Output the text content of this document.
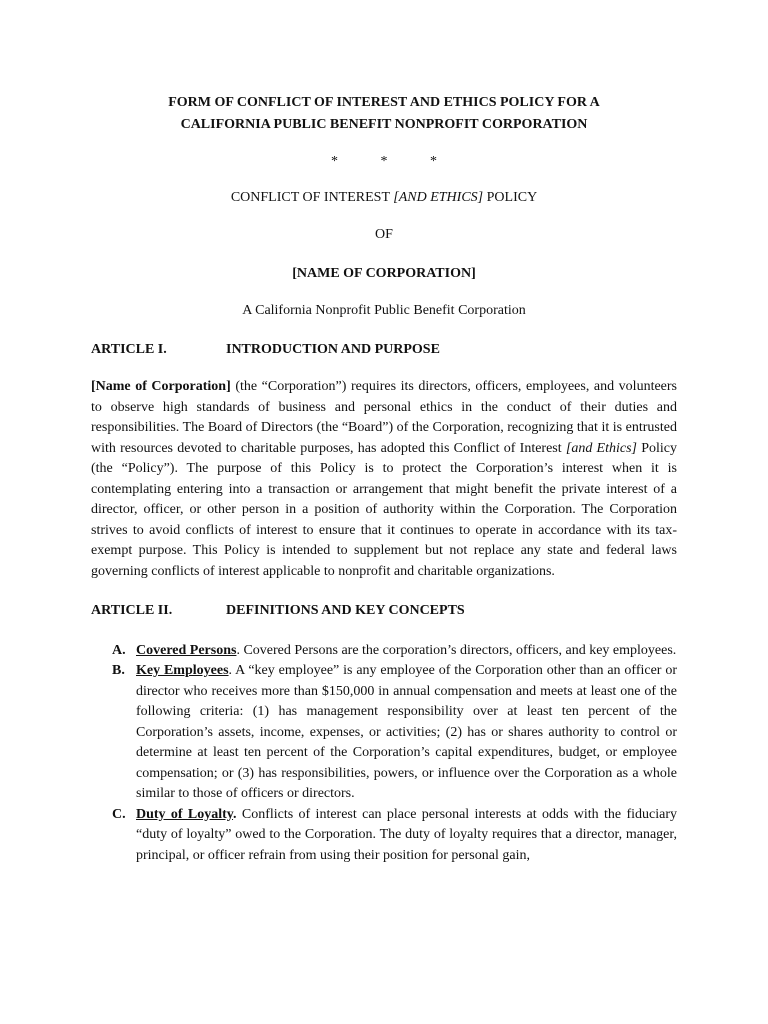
FORM OF CONFLICT OF INTEREST AND ETHICS POLICY FOR A
CALIFORNIA PUBLIC BENEFIT NONPROFIT CORPORATION

*	*	*
CONFLICT OF INTEREST [AND ETHICS] POLICY
OF
[NAME OF CORPORATION]
A California Nonprofit Public Benefit Corporation
ARTICLE I.	INTRODUCTION AND PURPOSE

[Name of Corporation] (the “Corporation”) requires its directors, officers, employees, and volunteers to observe high standards of business and personal ethics in the conduct of their duties and responsibilities. The Board of Directors (the “Board”) of the Corporation, recognizing that it is entrusted with resources devoted to charitable purposes, has adopted this Conflict of Interest [and Ethics] Policy (the “Policy”). The purpose of this Policy is to protect the Corporation’s interest when it is contemplating entering into a transaction or arrangement that might benefit the private interest of a director, officer, or other person in a position of authority within the Corporation. The Corporation strives to avoid conflicts of interest to ensure that it continues to operate in accordance with its tax-exempt purpose. This Policy is intended to supplement but not replace any state and federal laws governing conflicts of interest applicable to nonprofit and charitable organizations.

ARTICLE II.	DEFINITIONS AND KEY CONCEPTS
A. Covered Persons. Covered Persons are the corporation’s directors, officers, and key employees.
B. Key Employees. A “key employee” is any employee of the Corporation other than an officer or director who receives more than $150,000 in annual compensation and meets at least one of the following criteria: (1) has management responsibility over at least ten percent of the Corporation’s assets, income, expenses, or activities; (2) has or shares authority to control or determine at least ten percent of the Corporation’s capital expenditures, budget, or employee compensation; or (3) has responsibilities, powers, or influence over the Corporation as a whole similar to those of officers or directors.
C. Duty of Loyalty. Conflicts of interest can place personal interests at odds with the fiduciary “duty of loyalty” owed to the Corporation. The duty of loyalty requires that a director, manager, principal, or officer refrain from using their position for personal gain,
